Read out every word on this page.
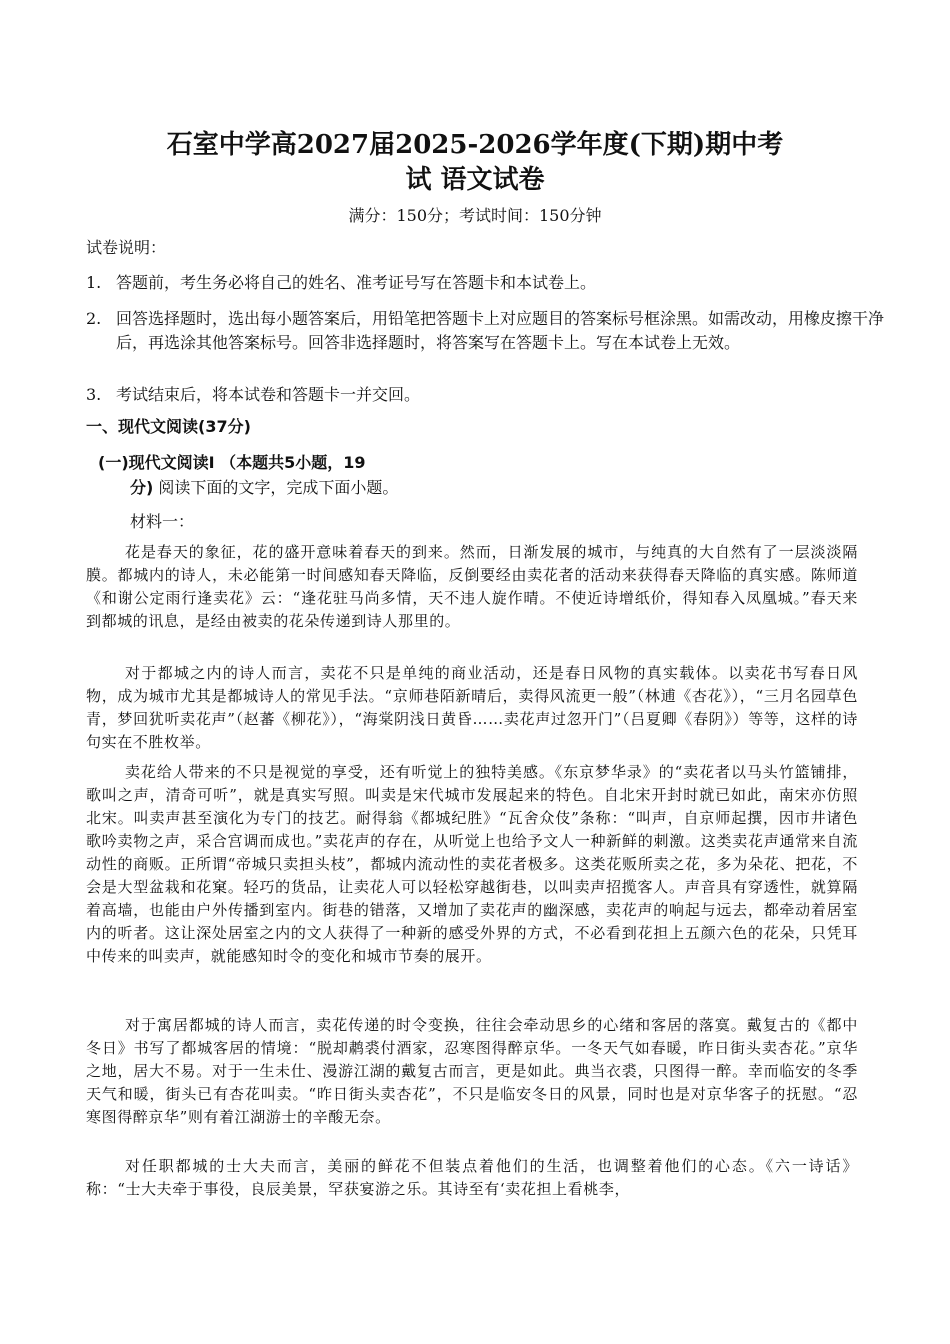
石室中学高2027届2025-2026学年度(下期)期中考
试 语文试卷
满分：150分；考试时间：150分钟
试卷说明：
1. 答题前，考生务必将自己的姓名、准考证号写在答题卡和本试卷上。
2. 回答选择题时，选出每小题答案后，用铅笔把答题卡上对应题目的答案标号框涂黑。如需改动，用橡皮擦干净后，再选涂其他答案标号。回答非选择题时，将答案写在答题卡上。写在本试卷上无效。
3. 考试结束后，将本试卷和答题卡一并交回。
一、现代文阅读(37分)
(一)现代文阅读Ⅰ （本题共5小题，19
分) 阅读下面的文字，完成下面小题。
材料一：
花是春天的象征，花的盛开意味着春天的到来。然而，日渐发展的城市，与纯真的大自然有了一层淡淡隔膜。都城内的诗人，未必能第一时间感知春天降临，反倒要经由卖花者的活动来获得春天降临的真实感。陈师道《和谢公定雨行逢卖花》云：“逢花驻马尚多情，天不违人旋作晴。不使近诗增纸价，得知春入凤凰城。”春天来到都城的讯息，是经由被卖的花朵传递到诗人那里的。
对于都城之内的诗人而言，卖花不只是单纯的商业活动，还是春日风物的真实载体。以卖花书写春日风物，成为城市尤其是都城诗人的常见手法。“京师巷陌新晴后，卖得风流更一般”（林逋《杏花》），“三月名园草色青，梦回犹听卖花声”（赵蕃《柳花》），“海棠阴浅日黄昏……卖花声过忽开门”（吕夏卿《春阴》）等等，这样的诗句实在不胜枚举。
卖花给人带来的不只是视觉的享受，还有听觉上的独特美感。《东京梦华录》的“卖花者以马头竹篮铺排，歌叫之声，清奇可听”，就是真实写照。叫卖是宋代城市发展起来的特色。自北宋开封时就已如此，南宋亦仿照北宋。叫卖声甚至演化为专门的技艺。耐得翁《都城纪胜》“瓦舍众伎”条称：“叫声，自京师起撰，因市井诸色歌吟卖物之声，采合宫调而成也。”卖花声的存在，从听觉上也给予文人一种新鲜的刺激。这类卖花声通常来自流动性的商贩。正所谓“帝城只卖担头枝”，都城内流动性的卖花者极多。这类花贩所卖之花，多为朵花、把花，不会是大型盆栽和花窠。轻巧的货品，让卖花人可以轻松穿越街巷，以叫卖声招揽客人。声音具有穿透性，就算隔着高墙，也能由户外传播到室内。街巷的错落，又增加了卖花声的幽深感，卖花声的响起与远去，都牵动着居室内的听者。这让深处居室之内的文人获得了一种新的感受外界的方式，不必看到花担上五颜六色的花朵，只凭耳中传来的叫卖声，就能感知时令的变化和城市节奏的展开。
对于寓居都城的诗人而言，卖花传递的时令变换，往往会牵动思乡的心绪和客居的落寞。戴复古的《都中冬日》书写了都城客居的情境：“脱却鹔裘付酒家，忍寒图得醉京华。一冬天气如春暖，昨日街头卖杏花。”京华之地，居大不易。对于一生未仕、漫游江湖的戴复古而言，更是如此。典当衣裘，只图得一醉。幸而临安的冬季天气和暖，街头已有杏花叫卖。“昨日街头卖杏花”，不只是临安冬日的风景，同时也是对京华客子的抚慰。“忍寒图得醉京华”则有着江湖游士的辛酸无奈。
对任职都城的士大夫而言，美丽的鲜花不但装点着他们的生活，也调整着他们的心态。《六一诗话》称：“士大夫牵于事役，良辰美景，罕获宴游之乐。其诗至有‘卖花担上看桃李，
